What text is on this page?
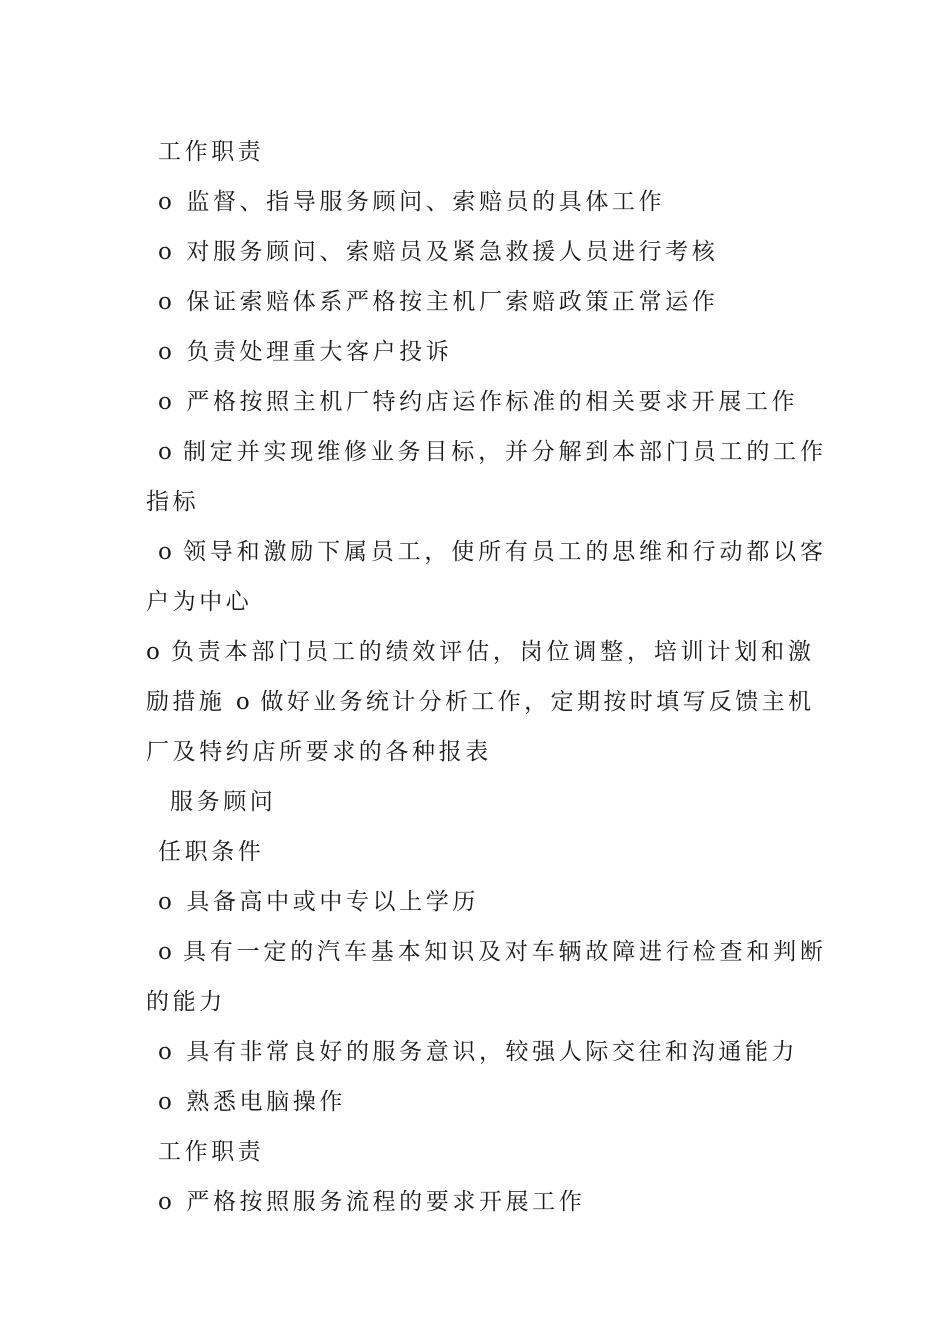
工作职责
o 监督、指导服务顾问、索赔员的具体工作
o 对服务顾问、索赔员及紧急救援人员进行考核
o 保证索赔体系严格按主机厂索赔政策正常运作
o 负责处理重大客户投诉
o 严格按照主机厂特约店运作标准的相关要求开展工作
o 制定并实现维修业务目标，并分解到本部门员工的工作
指标
o 领导和激励下属员工，使所有员工的思维和行动都以客
户为中心
o 负责本部门员工的绩效评估，岗位调整，培训计划和激
励措施 o 做好业务统计分析工作，定期按时填写反馈主机
厂及特约店所要求的各种报表
服务顾问
任职条件
o 具备高中或中专以上学历
o 具有一定的汽车基本知识及对车辆故障进行检查和判断
的能力
o 具有非常良好的服务意识，较强人际交往和沟通能力
o 熟悉电脑操作
工作职责
o 严格按照服务流程的要求开展工作
